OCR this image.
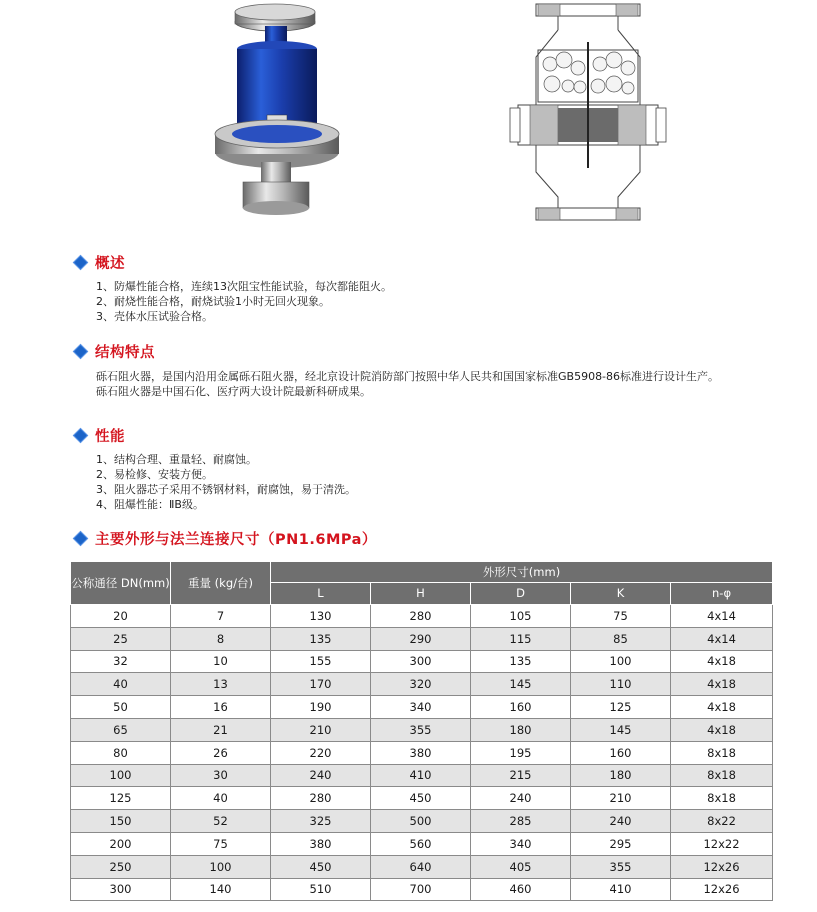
概述
1、防爆性能合格，连续13次阻宝性能试验，每次都能阻火。
2、耐烧性能合格，耐烧试验1小时无回火现象。
3、壳体水压试验合格。
结构特点

砾石阻火器，是国内沿用金属砾石阻火器，经北京设计院消防部门按照中华人民共和国国家标准GB5908-86标准进行设计生产。

砾石阻火器是中国石化、医疗两大设计院最新科研成果。

性能
1、结构合理、重量轻、耐腐蚀。
2、易检修、安装方便。
3、阻火器芯子采用不锈钢材料，耐腐蚀，易于清洗。
4、阻爆性能：ⅡB级。
主要外形与法兰连接尺寸（PN1.6MPa）
公称通径 DN(mm)	重量 (kg/台)	外形尺寸(mm)				
		L	H	D	K	n-φ
20	7	130	280	105	75	4x14
25	8	135	290	115	85	4x14
32	10	155	300	135	100	4x18
40	13	170	320	145	110	4x18
50	16	190	340	160	125	4x18
65	21	210	355	180	145	4x18
80	26	220	380	195	160	8x18
100	30	240	410	215	180	8x18
125	40	280	450	240	210	8x18
150	52	325	500	285	240	8x22
200	75	380	560	340	295	12x22
250	100	450	640	405	355	12x26
300	140	510	700	460	410	12x26
